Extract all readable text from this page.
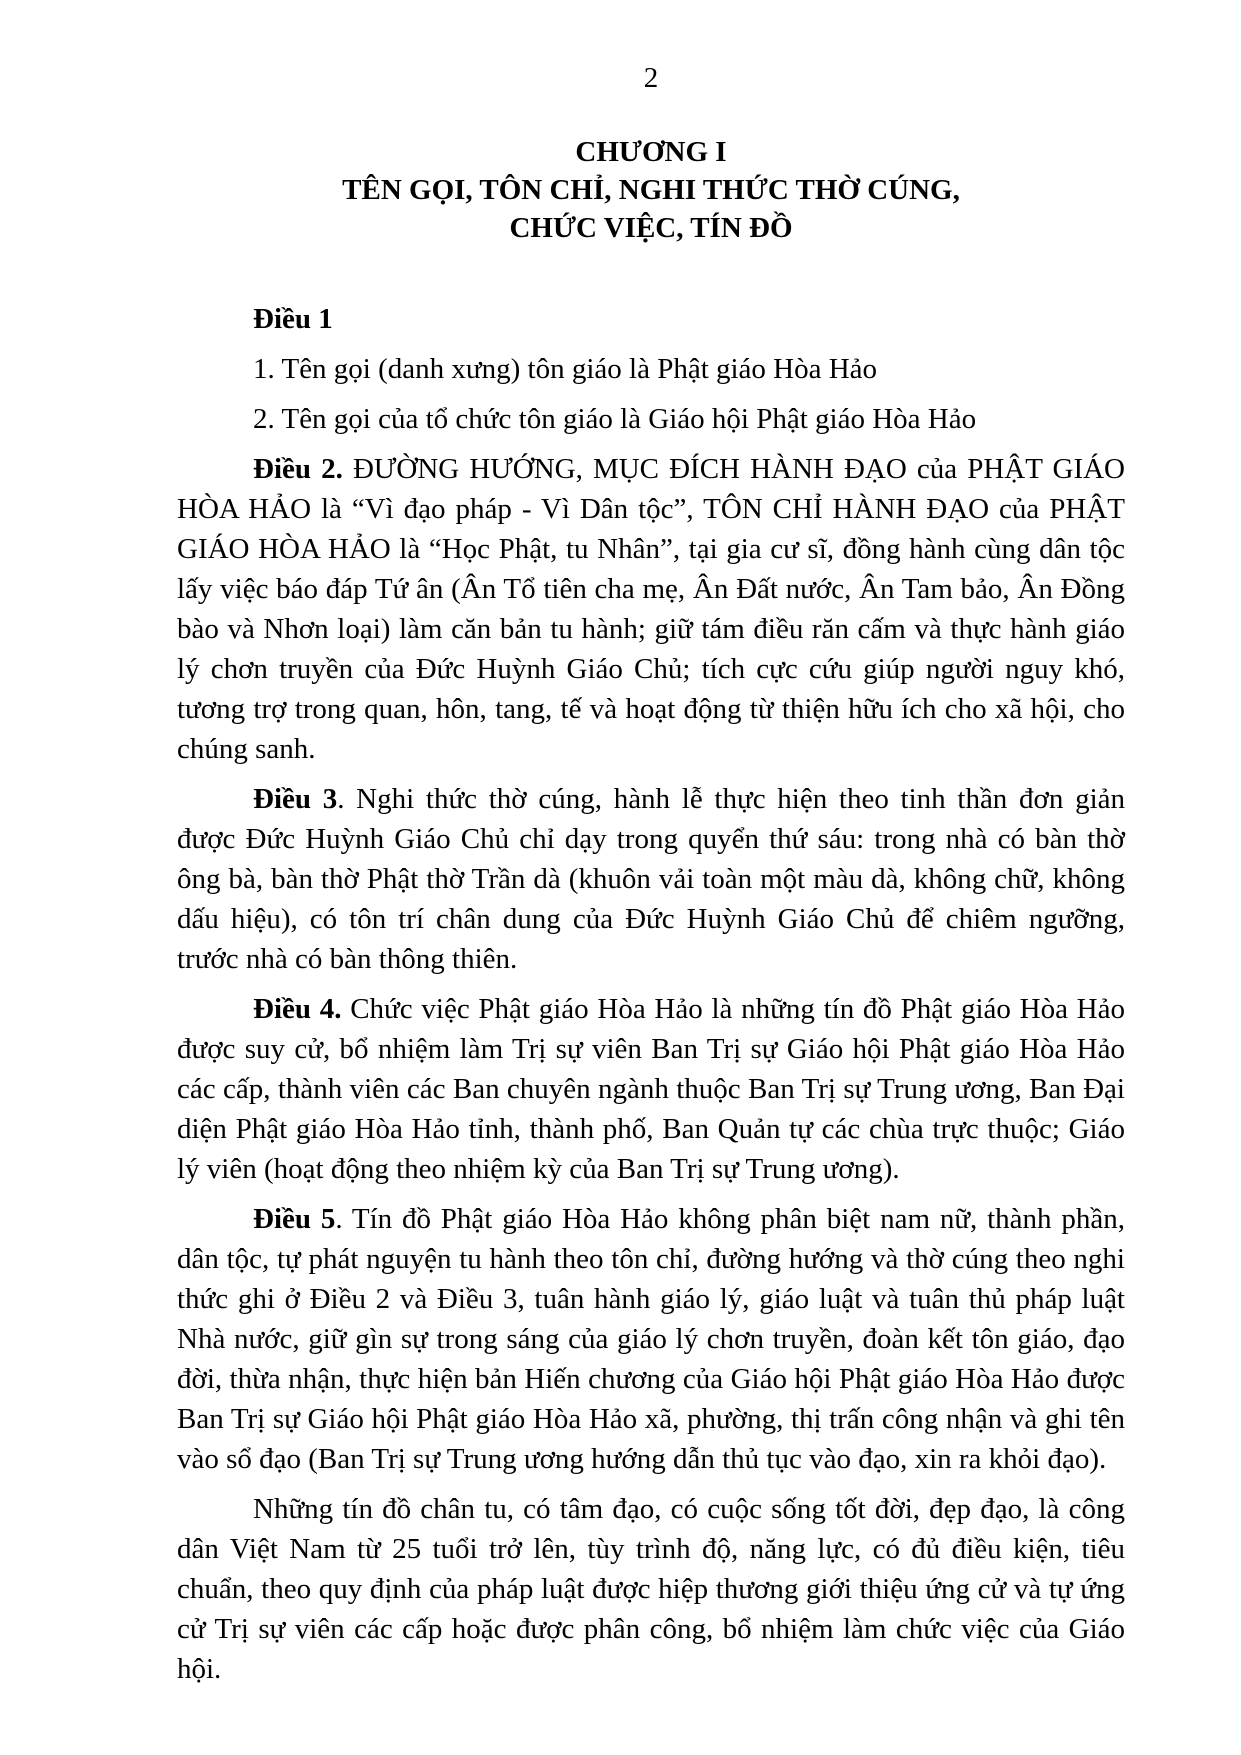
2
CHƯƠNG I
TÊN GỌI, TÔN CHỈ, NGHI THỨC THỜ CÚNG,
CHỨC VIỆC, TÍN ĐỒ

Điều 1

1. Tên gọi (danh xưng) tôn giáo là Phật giáo Hòa Hảo

2. Tên gọi của tổ chức tôn giáo là Giáo hội Phật giáo Hòa Hảo

Điều 2. ĐƯỜNG HƯỚNG, MỤC ĐÍCH HÀNH ĐẠO của PHẬT GIÁO HÒA HẢO là “Vì đạo pháp - Vì Dân tộc”, TÔN CHỈ HÀNH ĐẠO của PHẬT GIÁO HÒA HẢO là “Học Phật, tu Nhân”, tại gia cư sĩ, đồng hành cùng dân tộc lấy việc báo đáp Tứ ân (Ân Tổ tiên cha mẹ, Ân Đất nước, Ân Tam bảo, Ân Đồng bào và Nhơn loại) làm căn bản tu hành; giữ tám điều răn cấm và thực hành giáo lý chơn truyền của Đức Huỳnh Giáo Chủ; tích cực cứu giúp người nguy khó, tương trợ trong quan, hôn, tang, tế và hoạt động từ thiện hữu ích cho xã hội, cho chúng sanh.

Điều 3. Nghi thức thờ cúng, hành lễ thực hiện theo tinh thần đơn giản được Đức Huỳnh Giáo Chủ chỉ dạy trong quyển thứ sáu: trong nhà có bàn thờ ông bà, bàn thờ Phật thờ Trần dà (khuôn vải toàn một màu dà, không chữ, không dấu hiệu), có tôn trí chân dung của Đức Huỳnh Giáo Chủ để chiêm ngưỡng, trước nhà có bàn thông thiên.

Điều 4. Chức việc Phật giáo Hòa Hảo là những tín đồ Phật giáo Hòa Hảo được suy cử, bổ nhiệm làm Trị sự viên Ban Trị sự Giáo hội Phật giáo Hòa Hảo các cấp, thành viên các Ban chuyên ngành thuộc Ban Trị sự Trung ương, Ban Đại diện Phật giáo Hòa Hảo tỉnh, thành phố, Ban Quản tự các chùa trực thuộc; Giáo lý viên (hoạt động theo nhiệm kỳ của Ban Trị sự Trung ương).

Điều 5. Tín đồ Phật giáo Hòa Hảo không phân biệt nam nữ, thành phần, dân tộc, tự phát nguyện tu hành theo tôn chỉ, đường hướng và thờ cúng theo nghi thức ghi ở Điều 2 và Điều 3, tuân hành giáo lý, giáo luật và tuân thủ pháp luật Nhà nước, giữ gìn sự trong sáng của giáo lý chơn truyền, đoàn kết tôn giáo, đạo đời, thừa nhận, thực hiện bản Hiến chương của Giáo hội Phật giáo Hòa Hảo được Ban Trị sự Giáo hội Phật giáo Hòa Hảo xã, phường, thị trấn công nhận và ghi tên vào sổ đạo (Ban Trị sự Trung ương hướng dẫn thủ tục vào đạo, xin ra khỏi đạo).

Những tín đồ chân tu, có tâm đạo, có cuộc sống tốt đời, đẹp đạo, là công dân Việt Nam từ 25 tuổi trở lên, tùy trình độ, năng lực, có đủ điều kiện, tiêu chuẩn, theo quy định của pháp luật được hiệp thương giới thiệu ứng cử và tự ứng cử Trị sự viên các cấp hoặc được phân công, bổ nhiệm làm chức việc của Giáo hội.
